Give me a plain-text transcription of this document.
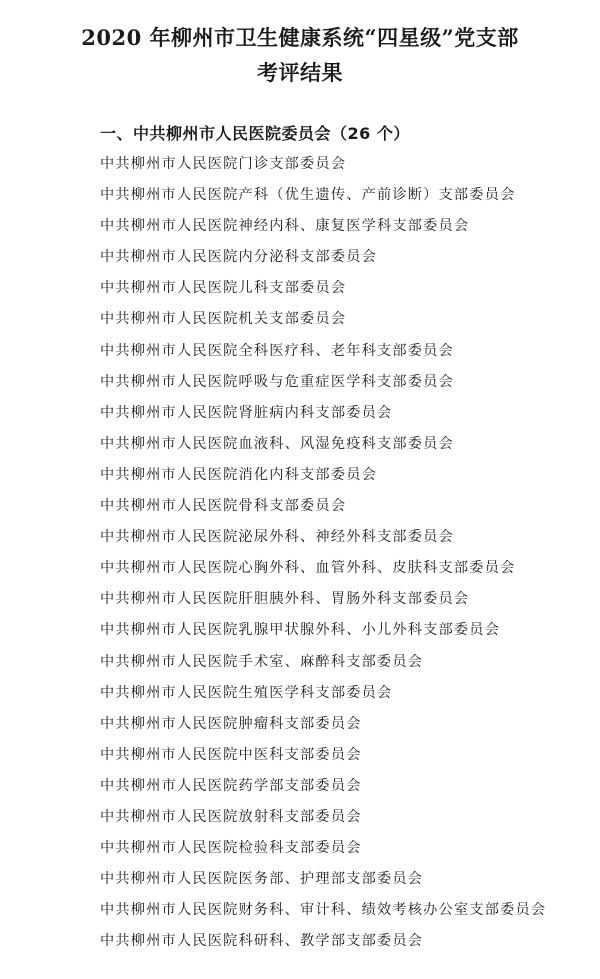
2020 年柳州市卫生健康系统“四星级”党支部
考评结果
一、中共柳州市人民医院委员会（26 个）
中共柳州市人民医院门诊支部委员会
中共柳州市人民医院产科（优生遗传、产前诊断）支部委员会
中共柳州市人民医院神经内科、康复医学科支部委员会
中共柳州市人民医院内分泌科支部委员会
中共柳州市人民医院儿科支部委员会
中共柳州市人民医院机关支部委员会
中共柳州市人民医院全科医疗科、老年科支部委员会
中共柳州市人民医院呼吸与危重症医学科支部委员会
中共柳州市人民医院肾脏病内科支部委员会
中共柳州市人民医院血液科、风湿免疫科支部委员会
中共柳州市人民医院消化内科支部委员会
中共柳州市人民医院骨科支部委员会
中共柳州市人民医院泌尿外科、神经外科支部委员会
中共柳州市人民医院心胸外科、血管外科、皮肤科支部委员会
中共柳州市人民医院肝胆胰外科、胃肠外科支部委员会
中共柳州市人民医院乳腺甲状腺外科、小儿外科支部委员会
中共柳州市人民医院手术室、麻醉科支部委员会
中共柳州市人民医院生殖医学科支部委员会
中共柳州市人民医院肿瘤科支部委员会
中共柳州市人民医院中医科支部委员会
中共柳州市人民医院药学部支部委员会
中共柳州市人民医院放射科支部委员会
中共柳州市人民医院检验科支部委员会
中共柳州市人民医院医务部、护理部支部委员会
中共柳州市人民医院财务科、审计科、绩效考核办公室支部委员会
中共柳州市人民医院科研科、教学部支部委员会
